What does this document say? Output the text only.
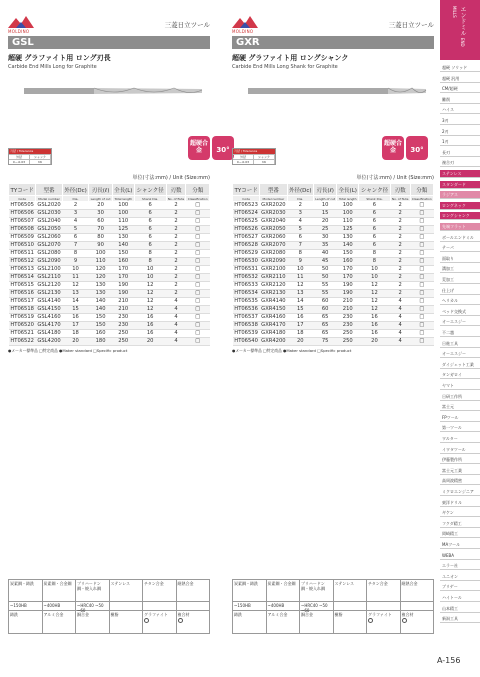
MOLDINO
三菱日立ツール
GSL
超硬 グラファイト用 ロング刃長
Carbide End Mills Long for Graphite
刃径 / Tolerance
外径	シャンク
0~-0.03	h6
超硬合金	30°
単位(寸法:mm) / Unit (Size:mm)
TYコード	型番	外径(Dc)	刃長(ℓ)	全長(L)	シャンク径	刃数	分類
Code	Model number	Dia.	Length of cut	Total length	Shank Dia.	No. of flute	Classification
HT06505	GSL2020	2	20	100	6	2	□
HT06506	GSL2030	3	30	100	6	2	□
HT06507	GSL2040	4	60	110	6	2	□
HT06508	GSL2050	5	70	125	6	2	□
HT06509	GSL2060	6	80	130	6	2	□
HT06510	GSL2070	7	90	140	6	2	□
HT06511	GSL2080	8	100	150	8	2	□
HT06512	GSL2090	9	110	160	8	2	□
HT06513	GSL2100	10	120	170	10	2	□
HT06514	GSL2110	11	120	170	10	2	□
HT06515	GSL2120	12	130	190	12	2	□
HT06516	GSL2130	13	130	190	12	2	□
HT06517	GSL4140	14	140	210	12	4	□
HT06518	GSL4150	15	140	210	12	4	□
HT06519	GSL4160	16	150	230	16	4	□
HT06520	GSL4170	17	150	230	16	4	□
HT06521	GSL4180	18	160	250	16	4	□
HT06522	GSL4200	20	180	250	20	4	□
●メーカー標準品 □特定商品 ●Maker standard □Specific product
MOLDINO
三菱日立ツール
GXR
超硬 グラファイト用 ロングシャンク
Carbide End Mills Long Shank for Graphite
刃径 / Tolerance
外径	シャンク
0~-0.03	h6
超硬合金	30°
単位(寸法:mm) / Unit (Size:mm)
TYコード	型番	外径(Dc)	刃長(ℓ)	全長(L)	シャンク径	刃数	分類
Code	Model number	Dia.	Length of cut	Total length	Shank Dia.	No. of flute	Classification
HT06523	GXR2020	2	10	100	6	2	□
HT06524	GXR2030	3	15	100	6	2	□
HT06525	GXR2040	4	20	110	6	2	□
HT06526	GXR2050	5	25	125	6	2	□
HT06527	GXR2060	6	30	130	6	2	□
HT06528	GXR2070	7	35	140	6	2	□
HT06529	GXR2080	8	40	150	8	2	□
HT06530	GXR2090	9	45	160	8	2	□
HT06531	GXR2100	10	50	170	10	2	□
HT06532	GXR2110	11	50	170	10	2	□
HT06533	GXR2120	12	55	190	12	2	□
HT06534	GXR2130	13	55	190	12	2	□
HT06535	GXR4140	14	60	210	12	4	□
HT06536	GXR4150	15	60	210	12	4	□
HT06537	GXR4160	16	65	230	16	4	□
HT06538	GXR4170	17	65	230	16	4	□
HT06539	GXR4180	18	65	250	16	4	□
HT06540	GXR4200	20	75	250	20	4	□
●メーカー標準品 □特定商品 ●Maker standard □Specific product
炭素鋼・鋳鉄	炭素鋼・合金鋼	プリハードン鋼・焼入れ鋼
ステンレス	チタン合金	耐熱合金
~150HB	~400HB	~HRC40 ~50 ~60
鋳鉄	アルミ合金	銅合金	樹脂	グラファイト	複合材
炭素鋼・鋳鉄	炭素鋼・合金鋼	プリハードン鋼・焼入れ鋼
ステンレス	チタン合金	耐熱合金
~150HB	~400HB	~HRC40 ~50 ~60
鋳鉄	アルミ合金	銅合金	樹脂	グラファイト	複合材
エンドミル END MILLS
超硬 ソリッド
超硬 汎用
CM/超硬
難削
ハイス
3刃
2刃
1刃
長刃
複合刃
ステンレス
スタンダード
ラジアス
ロングネック
ロングシャンク
先端フラット
ボールエンドミル
テーパ
面取り
溝加工
荒加工
仕上げ
ヘリカル
ベッド交換式
オーエスジー
不二越
日進工具
オーエスジー
ダイジェット工業
タンガロイ
ヤマト
日研工作所
富士元
FPツール
第一ツール
ワルター
イワタツール
伊藤製作所
富士元工業
高周波精密
ミクロエンジニア
東洋ドリル
ギケン
フクダ精工
岡崎精工
MAツール
WEBA
エラー社
ユニオン
ブリゲー
ハイトール
山本精工
新潟工具
A-156
